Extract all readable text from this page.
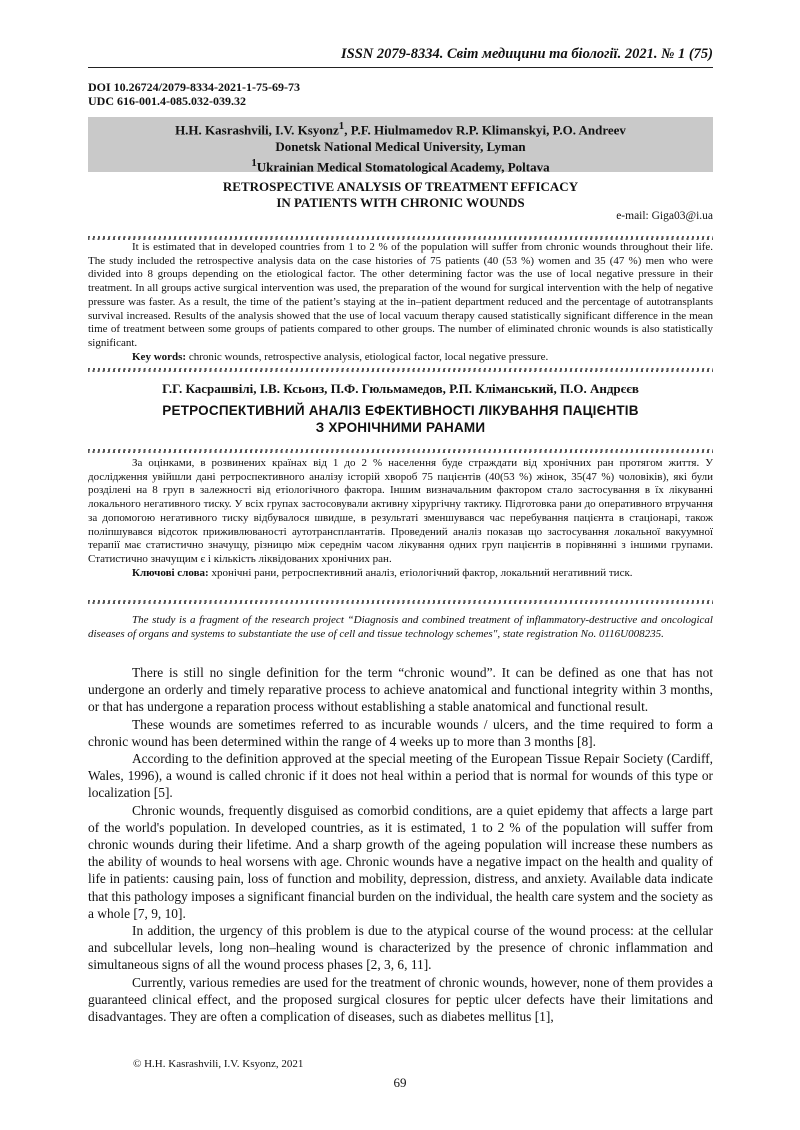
ISSN 2079-8334. Світ медицини та біології. 2021. № 1 (75)
DOI 10.26724/2079-8334-2021-1-75-69-73
UDC 616-001.4-085.032-039.32
H.H. Kasrashvili, I.V. Ksyonz$^1$, P.F. Hiulmamedov R.P. Klimanskyi, P.O. Andreev
Donetsk National Medical University, Lyman
$^1$Ukrainian Medical Stomatological Academy, Poltava
RETROSPECTIVE ANALYSIS OF TREATMENT EFFICACY
IN PATIENTS WITH CHRONIC WOUNDS
e-mail: Giga03@i.ua

It is estimated that in developed countries from 1 to 2 % of the population will suffer from chronic wounds throughout their life. The study included the retrospective analysis data on the case histories of 75 patients (40 (53 %) women and 35 (47 %) men who were divided into 8 groups depending on the etiological factor. The other determining factor was the use of local negative pressure in their treatment. In all groups active surgical intervention was used, the preparation of the wound for surgical intervention with the help of negative pressure was faster. As a result, the time of the patient’s staying at the in–patient department reduced and the percentage of autotransplants survival increased. Results of the analysis showed that the use of local vacuum therapy caused statistically significant difference in the mean time of treatment between some groups of patients compared to other groups. The number of eliminated chronic wounds is also statistically significant.

Key words: chronic wounds, retrospective analysis, etiological factor, local negative pressure.

Г.Г. Касрашвілі, І.В. Ксьонз, П.Ф. Гюльмамедов, Р.П. Кліманський, П.О. Андрєєв
РЕТРОСПЕКТИВНИЙ АНАЛІЗ ЕФЕКТИВНОСТІ ЛІКУВАННЯ ПАЦІЄНТІВ
З ХРОНІЧНИМИ РАНАМИ

За оцінками, в розвинених країнах від 1 до 2 % населення буде страждати від хронічних ран протягом життя. У дослідження увійшли дані ретроспективного аналізу історій хвороб 75 пацієнтів (40(53 %) жінок, 35(47 %) чоловіків), які були розділені на 8 груп в залежності від етіологічного фактора. Іншим визначальним фактором стало застосування в їх лікуванні локального негативного тиску. У всіх групах застосовували активну хірургічну тактику. Підготовка рани до оперативного втручання за допомогою негативного тиску відбувалося швидше, в результаті зменшувався час перебування пацієнта в стаціонарі, також поліпшувався відсоток приживлюваності аутотрансплантатів. Проведений аналіз показав що застосування локальної вакуумної терапії має статистично значущу, різницю між середнім часом лікування одних груп пацієнтів в порівнянні з іншими групами. Статистично значущим є і кількість ліквідованих хронічних ран.

Ключові слова: хронічні рани, ретроспективний аналіз, етіологічний фактор, локальний негативний тиск.

The study is a fragment of the research project “Diagnosis and combined treatment of inflammatory-destructive and oncological diseases of organs and systems to substantiate the use of cell and tissue technology schemes", state registration No. 0116U008235.

There is still no single definition for the term “chronic wound”. It can be defined as one that has not undergone an orderly and timely reparative process to achieve anatomical and functional integrity within 3 months, or that has undergone a reparation process without establishing a stable anatomical and functional result.

These wounds are sometimes referred to as incurable wounds / ulcers, and the time required to form a chronic wound has been determined within the range of 4 weeks up to more than 3 months [8].

According to the definition approved at the special meeting of the European Tissue Repair Society (Cardiff, Wales, 1996), a wound is called chronic if it does not heal within a period that is normal for wounds of this type or localization [5].

Chronic wounds, frequently disguised as comorbid conditions, are a quiet epidemy that affects a large part of the world's population. In developed countries, as it is estimated, 1 to 2 % of the population will suffer from chronic wounds during their lifetime. And a sharp growth of the ageing population will increase these numbers as the ability of wounds to heal worsens with age. Chronic wounds have a negative impact on the health and quality of life in patients: causing pain, loss of function and mobility, depression, distress, and anxiety. Available data indicate that this pathology imposes a significant financial burden on the individual, the health care system and the society as a whole [7, 9, 10].

In addition, the urgency of this problem is due to the atypical course of the wound process: at the cellular and subcellular levels, long non–healing wound is characterized by the presence of chronic inflammation and simultaneous signs of all the wound process phases [2, 3, 6, 11].

Currently, various remedies are used for the treatment of chronic wounds, however, none of them provides a guaranteed clinical effect, and the proposed surgical closures for peptic ulcer defects have their limitations and disadvantages. They are often a complication of diseases, such as diabetes mellitus [1],

© H.H. Kasrashvili, I.V. Ksyonz, 2021
69
